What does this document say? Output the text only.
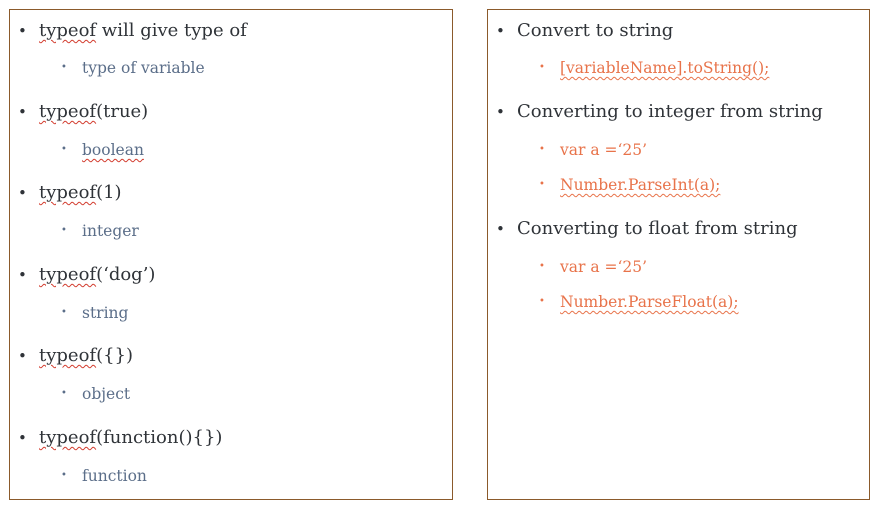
• typeof will give type of
• type of variable
• typeof(true)
• boolean
• typeof(1)
• integer
• typeof(‘dog’)
• string
• typeof({})
• object
• typeof(function(){})
• function
• Convert to string
• [variableName].toString();
• Converting to integer from string
• var a =‘25’
• Number.ParseInt(a);
• Converting to float from string
• var a =‘25’
• Number.ParseFloat(a);
